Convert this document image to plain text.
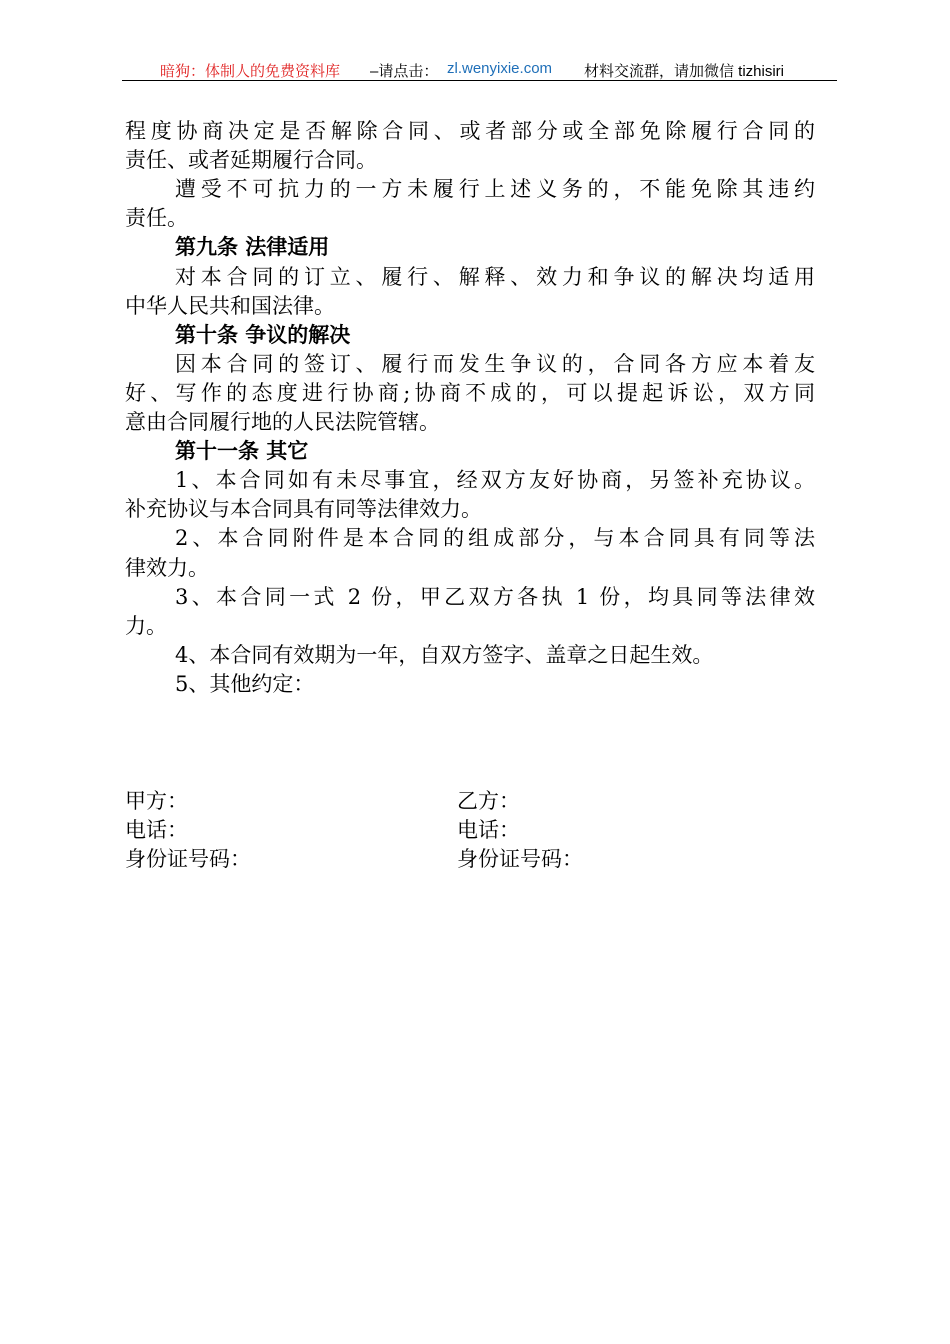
暗狗：体制人的免费资料库 –请点击： zl.wenyixie.com 材料交流群，请加微信 tizhisiri
程度协商决定是否解除合同、或者部分或全部免除履行合同的
责任、或者延期履行合同。
遭受不可抗力的一方未履行上述义务的，不能免除其违约
责任。
第九条 法律适用
对本合同的订立、履行、解释、效力和争议的解决均适用
中华人民共和国法律。
第十条 争议的解决
因本合同的签订、履行而发生争议的，合同各方应本着友
好、写作的态度进行协商;协商不成的，可以提起诉讼，双方同
意由合同履行地的人民法院管辖。
第十一条 其它
1、本合同如有未尽事宜，经双方友好协商，另签补充协议。
补充协议与本合同具有同等法律效力。
2、本合同附件是本合同的组成部分，与本合同具有同等法
律效力。
3、本合同一式 2 份，甲乙双方各执 1 份，均具同等法律效
力。
4、本合同有效期为一年，自双方签字、盖章之日起生效。
5、其他约定：
甲方：
电话：
身份证号码：
乙方：
电话：
身份证号码：
